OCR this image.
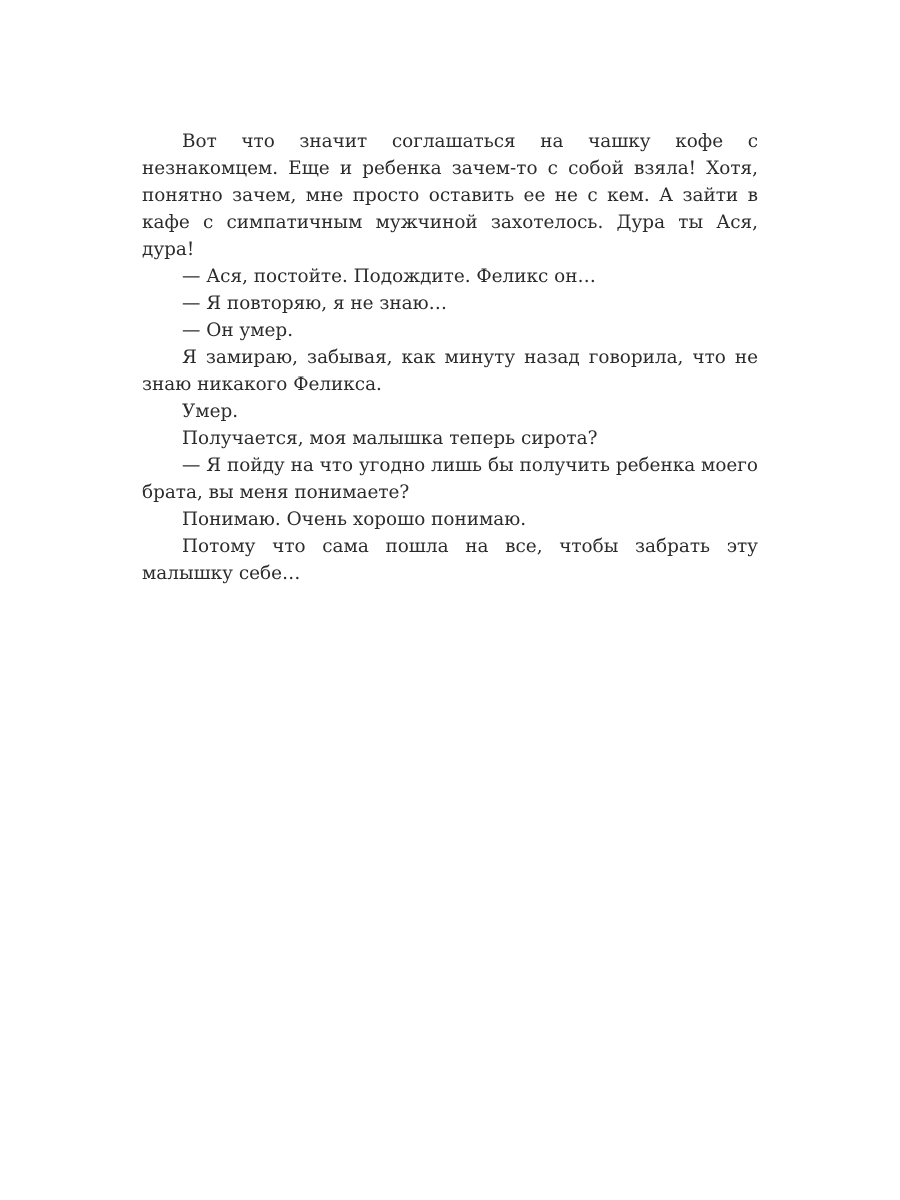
Вот что значит соглашаться на чашку кофе с незнакомцем. Еще и ребенка зачем-то с собой взяла! Хотя, понятно зачем, мне просто оставить ее не с кем. А зайти в кафе с симпатичным мужчиной захотелось. Дура ты Ася, дура!

— Ася, постойте. Подождите. Феликс он…

— Я повторяю, я не знаю…

— Он умер.

Я замираю, забывая, как минуту назад говорила, что не знаю никакого Феликса.

Умер.

Получается, моя малышка теперь сирота?

— Я пойду на что угодно лишь бы получить ребенка моего брата, вы меня понимаете?

Понимаю. Очень хорошо понимаю.

Потому что сама пошла на все, чтобы забрать эту малышку себе…
